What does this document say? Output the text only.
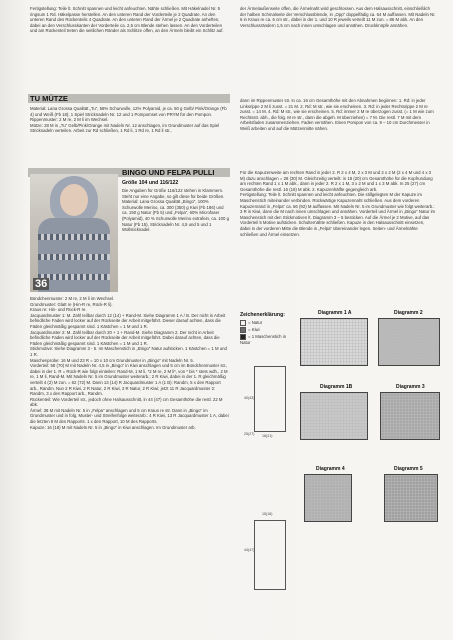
Fertigstellung: Teile lt. Schnitt spannen und leicht anfeuchten. Nähte schließen. Mit Häkelnadel Nr. 5 ringsum 1 Rd. Häkelpasse herstellen. An den unteren Rand der Vorderteile je 2 Quadrate. An den unteren Rand des Rückenteils 4 Quadrate. An den unteren Rand der Ärmel je 2 Quadrate anheften, dabei an den Verschlusskanten der Vorderteile ca. 2,5 cm Blende stehen lassen. An den Vorderteilen und am Rückenteil treten die seitlichen Ränder als Schlitze offen, an den Ärmeln bleibt ein Schlitz auf.
der Ärmelaußenseite offen, die Ärmelnaht wird geschlossen. Aus dem Halsausschnitt, einschließlich der halben Schmalseite der Verschlussblende, in „Opp“ doppelfädig ca. 64 M auffassen. Mit Nadeln Nr. 6 in Kraus re ca. 6 cm str., dabei in der 1. und 10 R jeweils verteilt 11 M zun. = 86 M abk. An den Verschlussrändern 1,5 cm nach innen umschlagen und annähen. Druckknöpfe annähen.
TU MÜTZE
Material: Lana Grossa Qualität „Tu“, 58% Schurwolle, 12% Polyamid, je ca. 50 g Gelb/ Pink/Orange (Fb 4) und Weiß (Fb 18); 1 Spiel Stricknadeln Nr. 12 und 1 Pompomset von PRYM für den Pompon.
Rippenmuster: 2 M re, 2 M li im Wechsel.
Mütze: 28 M in „Tu“ Gelb/Pink/Orange mit Nadeln Nr. 12 anschlagen, im Grundmuster auf das Spiel Stricknadeln verteilen. Arbeit zur Rd schließen, 1 Rd li, 1 Rd re, 1 Rd li str.,
dann im Rippenmuster str. In ca. 16 cm Gesamthöhe mit den Abnahmen beginnen: 1. Rd: in jeder Linksrippe 2 M li zusst. = 21 M. 2. Rd: M str., wie sie erscheinen. 3. Rd: in jeder Rechtsrippe 2 M re zusst. = 14 M. 4. Rd: M str., wie sie erscheinen. 5. Rd: immer 2 M re überzogen zusst. (= 1 M wie zum Rechtsstr. abh., die folg. M re str., dann die abgeh. M überziehen) = 7 M. Die restl. 7 M mit dem Arbeitsfaden zusammenziehen. Faden vernähen. Einen Pompon von ca. 9 – 10 cm Durchmesser in Weiß arbeiten und auf die Mützenmitte nähen.
36
BINGO UND FELPA PULLI
Größe 104 und 116/122
Die Angaben für Größe 116/122 stehen in Klammern. Steht nur eine Angabe, so gilt diese für beide Größen.
Material: Lana Grossa Qualität „Bingo“, 100% Schurwolle Merino, ca. 300 (350) g Kiwi (Fb 186) und ca. 150 g Natur (Fb 5) und „Felpa“, 60% Microfaser (Polyamid), 40 % Schurwolle Merino extrafein, ca. 100 g Natur (Fb 15), Stricknadeln Nr. 4,5 und 5 und 1 Wollsticknadel.
Bündchenmuster: 2 M re, 2 M li im Wechsel.
Grundmuster: Glatt re (Hin-R re, Rück-R li).
Kraus re: Hin- und Rück-R re.
Jacquardmuster 1: M. Zahl teilbar durch 12 (14) + Rand-M. Siehe Diagramm 1 A / B. Der nicht in Arbeit befindliche Faden wird locker auf der Rückseite der Arbeit mitgeführt. Dieser darauf achten, dass die Fäden gleichmäßig gespannt sind. 1 Kästchen = 1 M und 1 R.
Jacquardmuster 2: M. Zahl teilbar durch 20 + 1 + Rand-M. Siehe Diagramm 2. Der nicht in Arbeit befindliche Faden wird locker auf der Rückseite der Arbeit mitgeführt. Dabei darauf achten, dass die Fäden gleichmäßig gespannt sind. 1 Kästchen = 1 M und 1 R.
Stickmotive: Siehe Diagramm 3 - 5. Im Maschenstich in „Bingo“ Natur aufsticken. 1 Kästchen = 1 M und 1 R.
Maschenprobe: 16 M und 23 R = 10 x 10 cm Grundmuster in „Bingo“ mit Nadeln Nr. 5.
Vorderteil: 58 (70) M mit Nadeln Nr. 4,5 in „Bingo“ in Kiwi anschlagen und 5 cm im Bündchenmuster str., dabei in der 1. R = Rück-R wie folgt einteilen: Rand-M, 1 M li, *2 M re, 2 M li*, von * bis * stets wdh., 2 M re, 1 M li, Rand-M. Mit Nadeln Nr. 5 im Grundmuster weiterarb.; 2 R Kiwi, dabei in der 1. R gleichmäßig verteilt 4 (2) M zun. = 62 (72) M. Dann 13 (14) R Jacquardmuster 1 A (1 B): Randm, 5 x den Rapport arb., Randm. Nun 2 R Kiwi, 2 R Natur, 2 R Kiwi, 2 R Natur, 2 R Kiwi; jetzt 11 R Jacquardmuster 2: Randm, 3 x den Rapport arb., Randm.
Rückenteil: Wie Vorderteil str., jedoch ohne Halsausschnitt, in 44 (47) cm Gesamthöhe die restl. 22 M abk.
Ärmel: 38 M mit Nadeln Nr. 5 in „Felpa“ anschlagen und 5 cm Kraus re str. Dann in „Bingo“ im Grundmuster und in folg. Muster- und Streifenfolge weiterarb.: 4 R Kiwi, 13 R Jacquardmuster 1 A, dabei die letzten 8 M des Rapports. 1 x den Rapport, 10 M des Rapports.
Kapuze: 16 (18) M mit Nadeln Nr. 5 in „Bingo“ in Kiwi anschlagen. Im Grundmuster arb.
Für die Kapuzenweite am rechten Rand in jeder 2. R 2 x 4 M, 2 x 3 M und 2 x 2 M (2 x 4 M und 4 x 3 M) dazu anschlagen = 28 (30) M. Gleichzeitig verteilt: in 18 (20) cm Gesamthöhe für die Kopfrundung am rechten Rand 1 x 1 M abk., dann in jeder 2. R 2 x 1 M, 3 x 2 M und 1 x 3 M abk. In 25 (27) cm Gesamthöhe die restl. 16 (18) M abk. 2. Kapuzenhälfte gegengleich arb.
Fertigstellung: Teile lt. Schnitt spannen und leicht anfeuchten. Die stillgelegten M der Kapuze im Maschenstich miteinander verbinden. Rückwärtige Kapuzennaht schließen. Aus dem vorderen Kapuzenrand in „Felpa“ ca. 66 (92) M auffassen. Mit Nadeln Nr. 5 im Grundmuster wie folgt weiterarb.: 3 R in Kiwi, dann die M nach innen umschlagen und annähen. Vorderteil und Ärmel in „Bingo“ Natur im Maschenstich mit den Stickmotiven lt. Diagramm 3 – 5 besticken. Auf die Ärmel je 2 Motive, auf das Vorderteil 5 Motive aufsticken. Schulternähte schließen. Kapuze in den Halsausschnitt einsetzen, dabei in der vorderen Mitte die Blende in „Felpa“ übereinander legen. Seiten- und Ärmelnähte schließen und Ärmel einsetzen.
Zeichenerklärung:
= Natur
= Kiwi
= 1 Maschenstich in Natur
40(43)
25(27) 16(21)
15(16)
44(47)
Diagramm 1 A	Diagramm 2
Diagramm 1B	Diagramm 3
Diagramm 4	Diagramm 5
